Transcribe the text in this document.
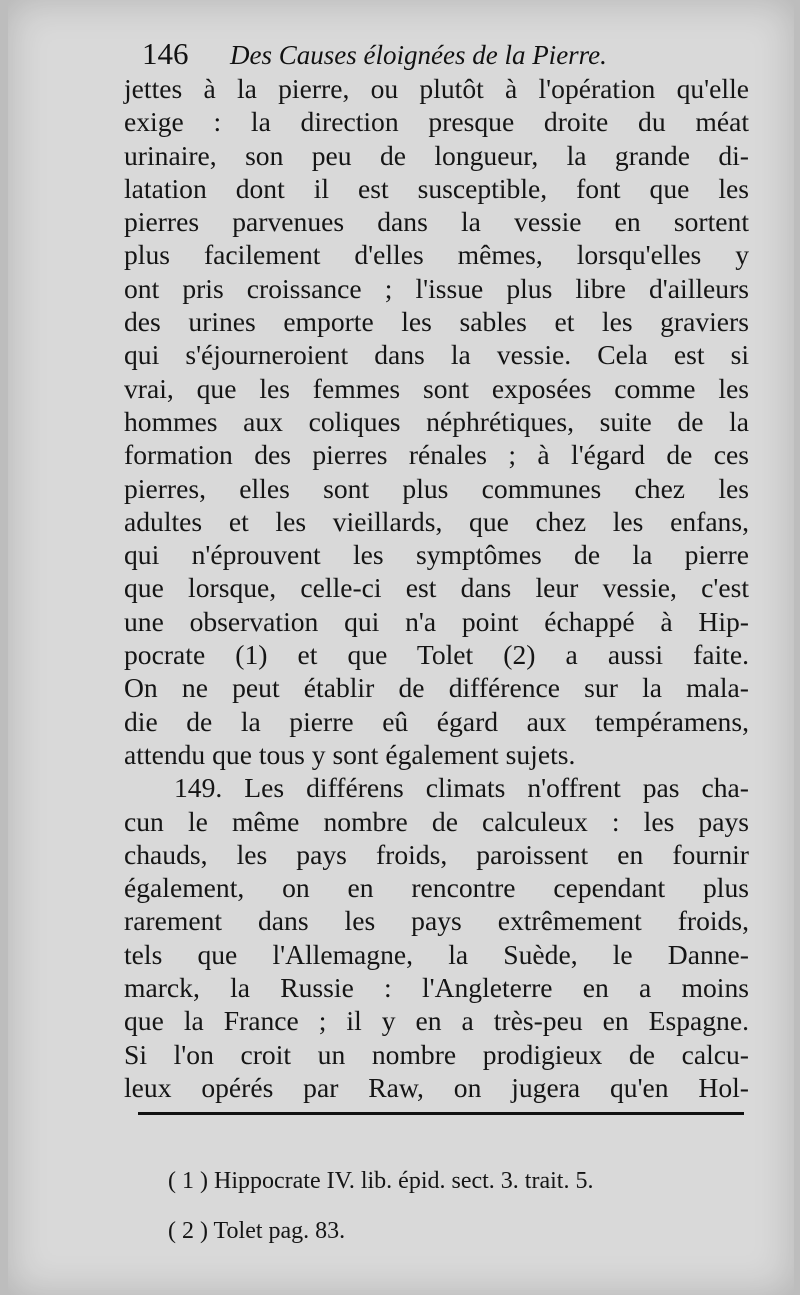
146 Des Causes éloignées de la Pierre.
jettes à la pierre, ou plutôt à l'opération qu'elle
exige : la direction presque droite du méat
urinaire, son peu de longueur, la grande di-
latation dont il est susceptible, font que les
pierres parvenues dans la vessie en sortent
plus facilement d'elles mêmes, lorsqu'elles y
ont pris croissance ; l'issue plus libre d'ailleurs
des urines emporte les sables et les graviers
qui s'éjourneroient dans la vessie. Cela est si
vrai, que les femmes sont exposées comme les
hommes aux coliques néphrétiques, suite de la
formation des pierres rénales ; à l'égard de ces
pierres, elles sont plus communes chez les
adultes et les vieillards, que chez les enfans,
qui n'éprouvent les symptômes de la pierre
que lorsque, celle-ci est dans leur vessie, c'est
une observation qui n'a point échappé à Hip-
pocrate (1) et que Tolet (2) a aussi faite.
On ne peut établir de différence sur la mala-
die de la pierre eû égard aux tempéramens,
attendu que tous y sont également sujets.
149. Les différens climats n'offrent pas cha-
cun le même nombre de calculeux : les pays
chauds, les pays froids, paroissent en fournir
également, on en rencontre cependant plus
rarement dans les pays extrêmement froids,
tels que l'Allemagne, la Suède, le Danne-
marck, la Russie : l'Angleterre en a moins
que la France ; il y en a très-peu en Espagne.
Si l'on croit un nombre prodigieux de calcu-
leux opérés par Raw, on jugera qu'en Hol-
( 1 ) Hippocrate IV. lib. épid. sect. 3. trait. 5.
( 2 ) Tolet pag. 83.
